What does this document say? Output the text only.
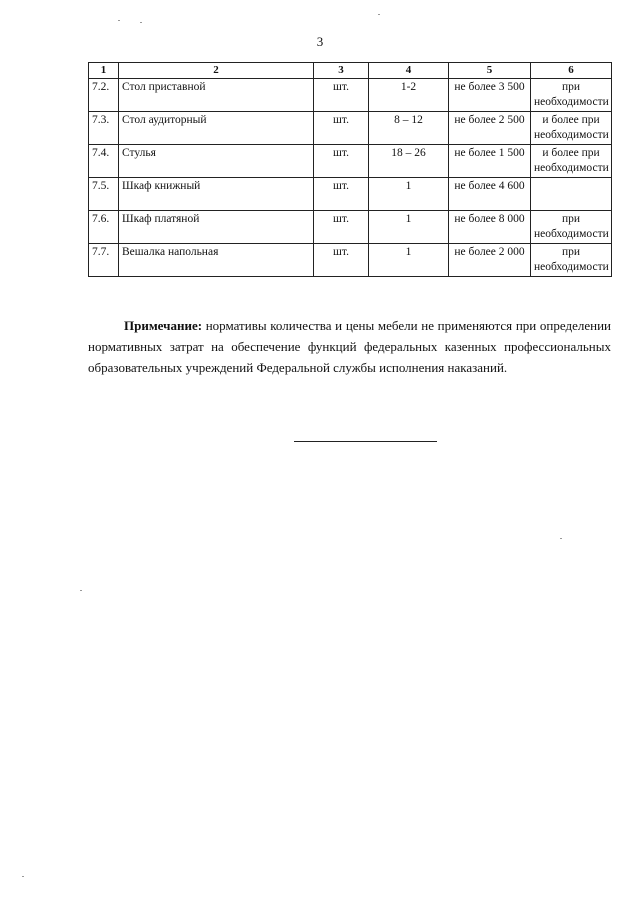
3
1	2	3	4	5	6
7.2.	Стол приставной	шт.	1-2	не более 3 500	при необходимости
7.3.	Стол аудиторный	шт.	8 – 12	не более 2 500	и более при необходимости
7.4.	Стулья	шт.	18 – 26	не более 1 500	и более при необходимости
7.5.	Шкаф книжный	шт.	1	не более 4 600	
7.6.	Шкаф платяной	шт.	1	не более 8 000	при необходимости
7.7.	Вешалка напольная	шт.	1	не более 2 000	при необходимости

Примечание: нормативы количества и цены мебели не применяются при определении нормативных затрат на обеспечение функций федеральных казенных профессиональных образовательных учреждений Федеральной службы исполнения наказаний.
